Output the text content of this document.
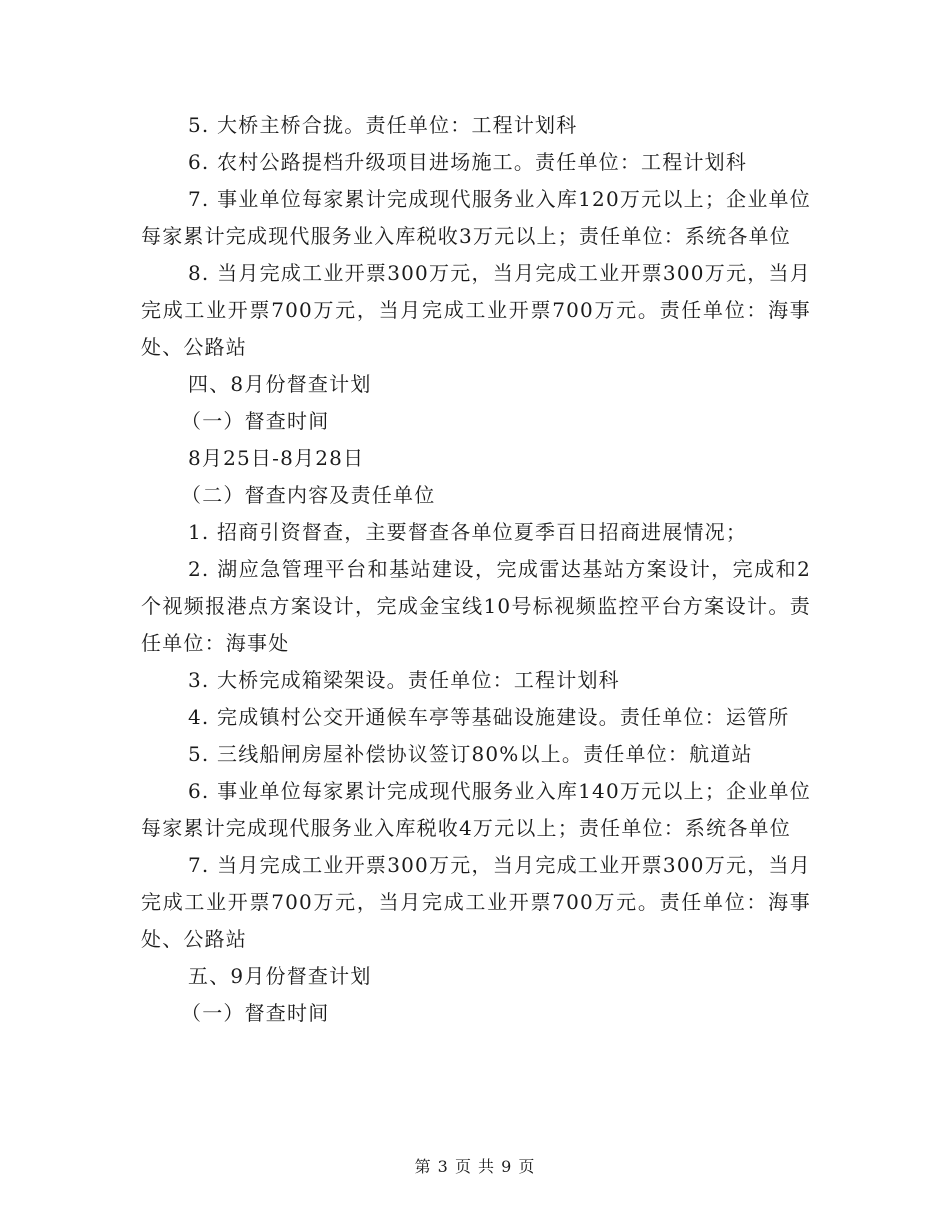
5. 大桥主桥合拢。责任单位：工程计划科

6. 农村公路提档升级项目进场施工。责任单位：工程计划科

7. 事业单位每家累计完成现代服务业入库120万元以上；企业单位每家累计完成现代服务业入库税收3万元以上；责任单位：系统各单位

8. 当月完成工业开票300万元，当月完成工业开票300万元，当月完成工业开票700万元，当月完成工业开票700万元。责任单位：海事处、公路站

四、8月份督查计划

（一）督查时间

8月25日-8月28日

（二）督查内容及责任单位

1. 招商引资督查，主要督查各单位夏季百日招商进展情况；

2. 湖应急管理平台和基站建设，完成雷达基站方案设计，完成和2个视频报港点方案设计，完成金宝线10号标视频监控平台方案设计。责任单位：海事处

3. 大桥完成箱梁架设。责任单位：工程计划科

4. 完成镇村公交开通候车亭等基础设施建设。责任单位：运管所

5. 三线船闸房屋补偿协议签订80%以上。责任单位：航道站

6. 事业单位每家累计完成现代服务业入库140万元以上；企业单位每家累计完成现代服务业入库税收4万元以上；责任单位：系统各单位

7. 当月完成工业开票300万元，当月完成工业开票300万元，当月完成工业开票700万元，当月完成工业开票700万元。责任单位：海事处、公路站

五、9月份督查计划

（一）督查时间

第 3 页 共 9 页
